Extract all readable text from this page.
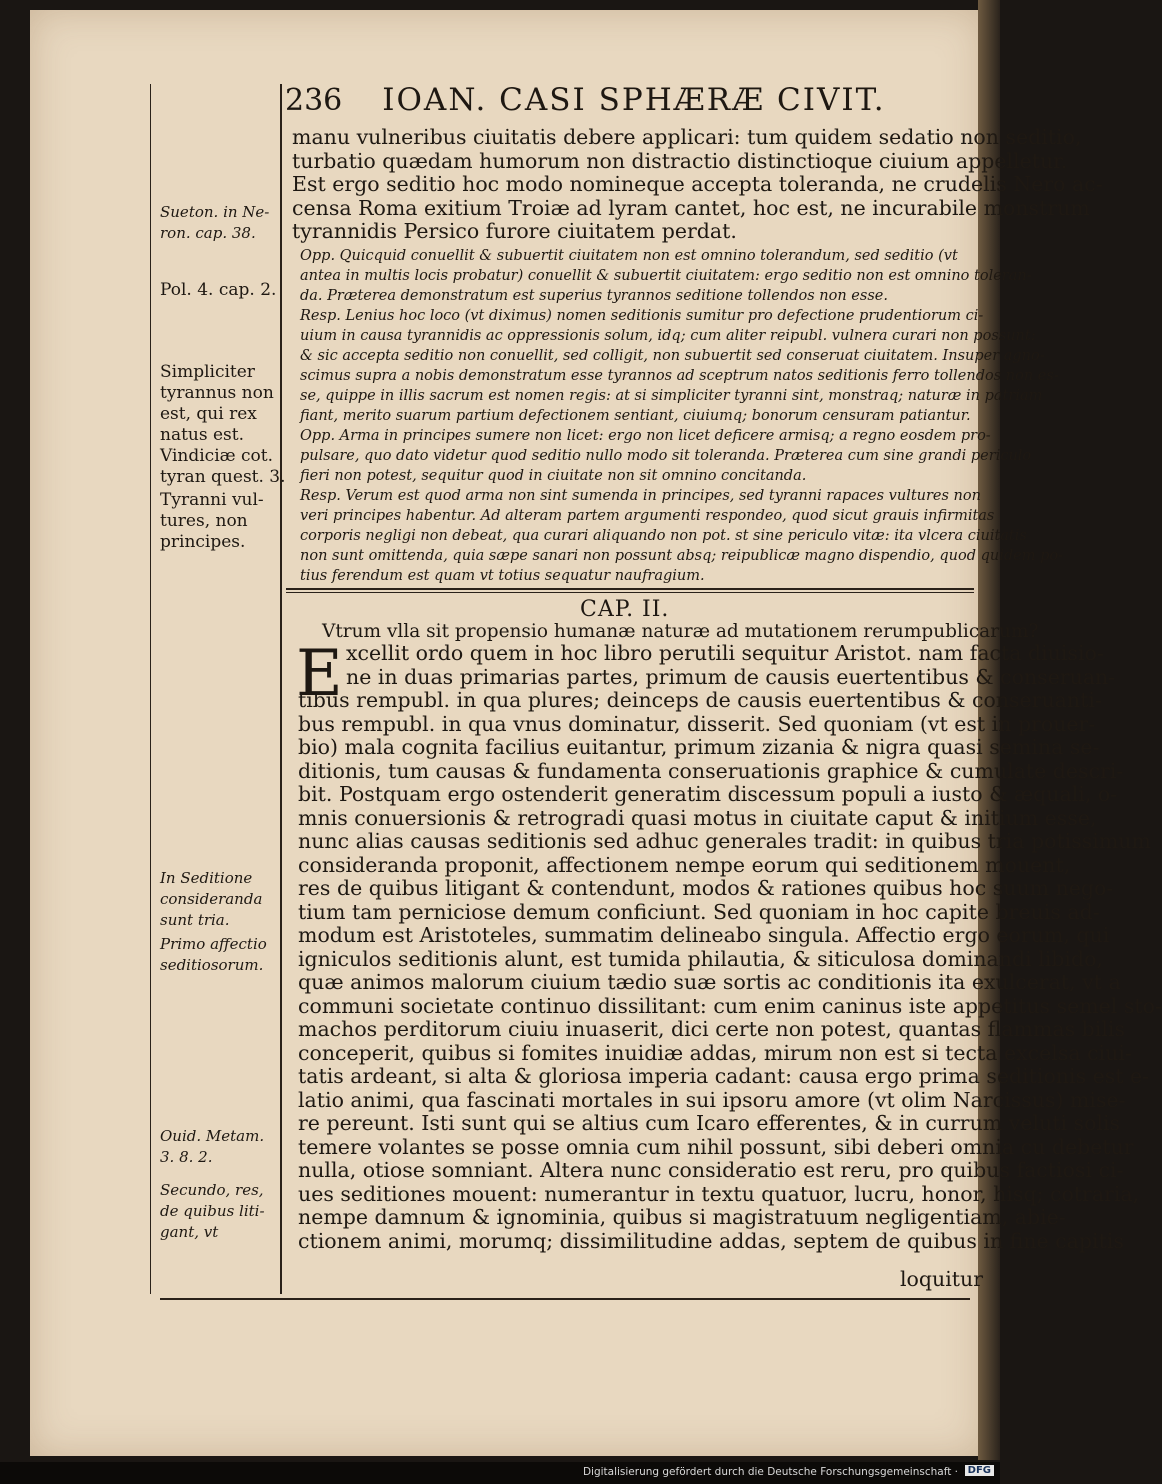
236 IOAN. CASI SPHÆRÆ CIVIT.
manu vulneribus ciuitatis debere applicari: tum quidem sedatio non seditio,
turbatio quædam humorum non distractio distinctioque ciuium appelletur.
Est ergo seditio hoc modo nomineque accepta toleranda, ne crudelis Nero ac-
censa Roma exitium Troiæ ad lyram cantet, hoc est, ne incurabile monstrum
tyrannidis Persico furore ciuitatem perdat.
Opp. Quicquid conuellit & subuertit ciuitatem non est omnino tolerandum, sed seditio (vt
antea in multis locis probatur) conuellit & subuertit ciuitatem: ergo seditio non est omnino toleran-
da. Præterea demonstratum est superius tyrannos seditione tollendos non esse.
Resp. Lenius hoc loco (vt diximus) nomen seditionis sumitur pro defectione prudentiorum ci-
uium in causa tyrannidis ac oppressionis solum, idq; cum aliter reipubl. vulnera curari non possunt:
& sic accepta seditio non conuellit, sed colligit, non subuertit sed conseruat ciuitatem. Insuper agno-
scimus supra a nobis demonstratum esse tyrannos ad sceptrum natos seditionis ferro tollendos non es-
se, quippe in illis sacrum est nomen regis: at si simpliciter tyranni sint, monstraq; naturæ in patriam
fiant, merito suarum partium defectionem sentiant, ciuiumq; bonorum censuram patiantur.
Opp. Arma in principes sumere non licet: ergo non licet deficere armisq; a regno eosdem pro-
pulsare, quo dato videtur quod seditio nullo modo sit toleranda. Præterea cum sine grandi periculo
fieri non potest, sequitur quod in ciuitate non sit omnino concitanda.
Resp. Verum est quod arma non sint sumenda in principes, sed tyranni rapaces vultures non
veri principes habentur. Ad alteram partem argumenti respondeo, quod sicut grauis infirmitas
corporis negligi non debeat, qua curari aliquando non pot. st sine periculo vitæ: ita vlcera ciuitatis
non sunt omittenda, quia sæpe sanari non possunt absq; reipublicæ magno dispendio, quod quidem po-
tius ferendum est quam vt totius sequatur naufragium.
CAP. II.
Vtrum vlla sit propensio humanæ naturæ ad mutationem rerumpublicarum?
E xcellit ordo quem in hoc libro perutili sequitur Aristot. nam facta diuisio-
ne in duas primarias partes, primum de causis euertentibus & conseruan-
tibus rempubl. in qua plures; deinceps de causis euertentibus & conseruanti-
bus rempubl. in qua vnus dominatur, disserit. Sed quoniam (vt est in prouer-
bio) mala cognita facilius euitantur, primum zizania & nigra quasi semina se-
ditionis, tum causas & fundamenta conseruationis graphice & cumulate descri-
bit. Postquam ergo ostenderit generatim discessum populi a iusto & æquali, o-
mnis conuersionis & retrogradi quasi motus in ciuitate caput & initium esse,
nunc alias causas seditionis sed adhuc generales tradit: in quibus tria potissimum
consideranda proponit, affectionem nempe eorum qui seditionem mouent,
res de quibus litigant & contendunt, modos & rationes quibus hoc suum nego-
tium tam perniciose demum conficiunt. Sed quoniam in hoc capite breuis ad-
modum est Aristoteles, summatim delineabo singula. Affectio ergo eorum, qui
igniculos seditionis alunt, est tumida philautia, & siticulosa dominandi libido,
quæ animos malorum ciuium tædio suæ sortis ac conditionis ita exulcerat, vt a
communi societate continuo dissilitant: cum enim caninus iste appetitus semel sto-
machos perditorum ciuiu inuaserit, dici certe non potest, quantas flammas bilis
conceperit, quibus si fomites inuidiæ addas, mirum non est si tecta excelsa ciui-
tatis ardeant, si alta & gloriosa imperia cadant: causa ergo prima seditionis est e-
latio animi, qua fascinati mortales in sui ipsoru amore (vt olim Narcissus) mise-
re pereunt. Isti sunt qui se altius cum Icaro efferentes, & in currum veluti solis
temere volantes se posse omnia cum nihil possunt, sibi deberi omnia cu debetur
nulla, otiose somniant. Altera nunc consideratio est reru, pro quibus factiosi ci-
ues seditiones mouent: numerantur in textu quatuor, lucru, honor, hisq; cotraria,
nempe damnum & ignominia, quibus si magistratuum negligentiam, abie-
ctionem animi, morumq; dissimilitudine addas, septem de quibus in fine capitis
loquitur
Sueton. in Ne-
ron. cap. 38.
Pol. 4. cap. 2.
Simpliciter
tyrannus non
est, qui rex
natus est.
Vindiciæ cot.
tyran quest. 3.
Tyranni vul-
tures, non
principes.
In Seditione
consideranda
sunt tria.
Primo affectio
seditiosorum.
Ouid. Metam.
3. 8. 2.
Secundo, res,
de quibus liti-
gant, vt
Digitalisierung gefördert durch die Deutsche Forschungsgemeinschaft · DFG
